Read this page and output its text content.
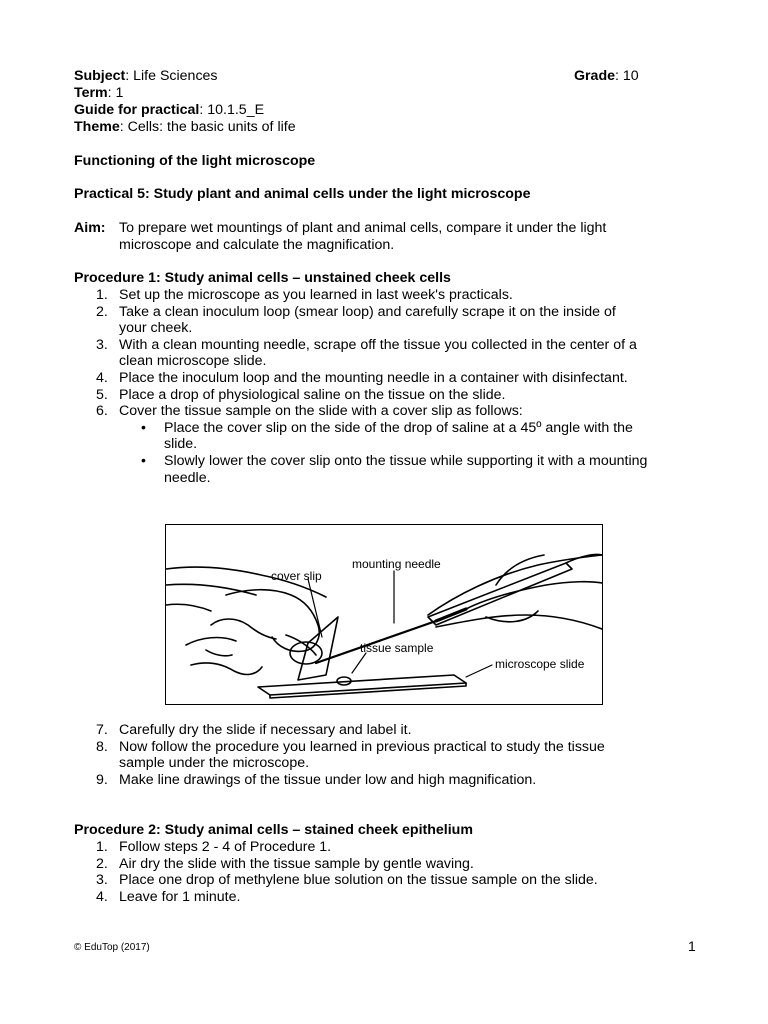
Subject: Life Sciences	Grade: 10
Term: 1
Guide for practical: 10.1.5_E
Theme: Cells: the basic units of life
Functioning of the light microscope
Practical 5: Study plant and animal cells under the light microscope
Aim: To prepare wet mountings of plant and animal cells, compare it under the light
microscope and calculate the magnification.
Procedure 1: Study animal cells – unstained cheek cells
1. Set up the microscope as you learned in last week's practicals.
2. Take a clean inoculum loop (smear loop) and carefully scrape it on the inside of
your cheek.
3. With a clean mounting needle, scrape off the tissue you collected in the center of a
clean microscope slide.
4. Place the inoculum loop and the mounting needle in a container with disinfectant.
5. Place a drop of physiological saline on the tissue on the slide.
6. Cover the tissue sample on the slide with a cover slip as follows:
• Place the cover slip on the side of the drop of saline at a 45º angle with the
slide.
• Slowly lower the cover slip onto the tissue while supporting it with a mounting
needle.
cover slip
mounting needle
tissue sample
microscope slide
7. Carefully dry the slide if necessary and label it.
8. Now follow the procedure you learned in previous practical to study the tissue
sample under the microscope.
9. Make line drawings of the tissue under low and high magnification.
Procedure 2: Study animal cells – stained cheek epithelium
1. Follow steps 2 - 4 of Procedure 1.
2. Air dry the slide with the tissue sample by gentle waving.
3. Place one drop of methylene blue solution on the tissue sample on the slide.
4. Leave for 1 minute.
© EduTop (2017)	1
